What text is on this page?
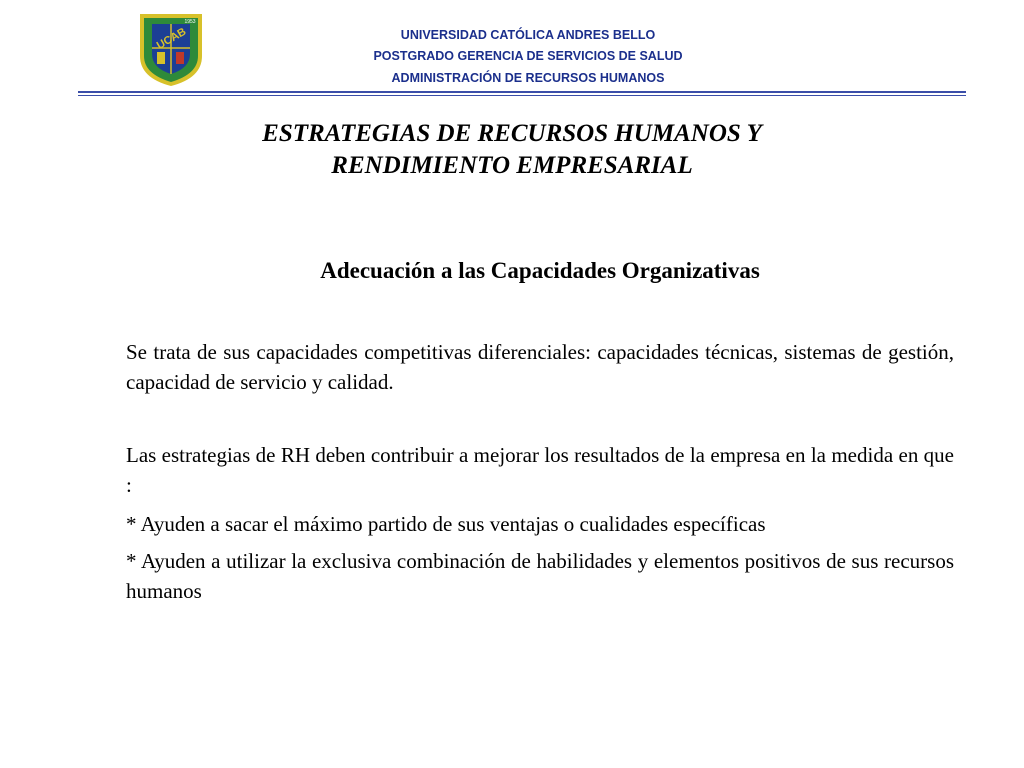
UCAB
1953
UNIVERSIDAD CATÓLICA ANDRES BELLO
POSTGRADO GERENCIA DE SERVICIOS DE SALUD
ADMINISTRACIÓN DE RECURSOS HUMANOS
ESTRATEGIAS DE RECURSOS HUMANOS Y
RENDIMIENTO EMPRESARIAL
Adecuación a las Capacidades Organizativas
Se trata de sus capacidades competitivas diferenciales: capacidades técnicas, sistemas de gestión, capacidad de servicio y calidad.
Las estrategias de RH deben contribuir a mejorar los resultados de la empresa en la medida en que :
* Ayuden a sacar el máximo partido de sus ventajas o cualidades específicas
* Ayuden a utilizar la exclusiva combinación de habilidades y elementos positivos de sus recursos humanos
